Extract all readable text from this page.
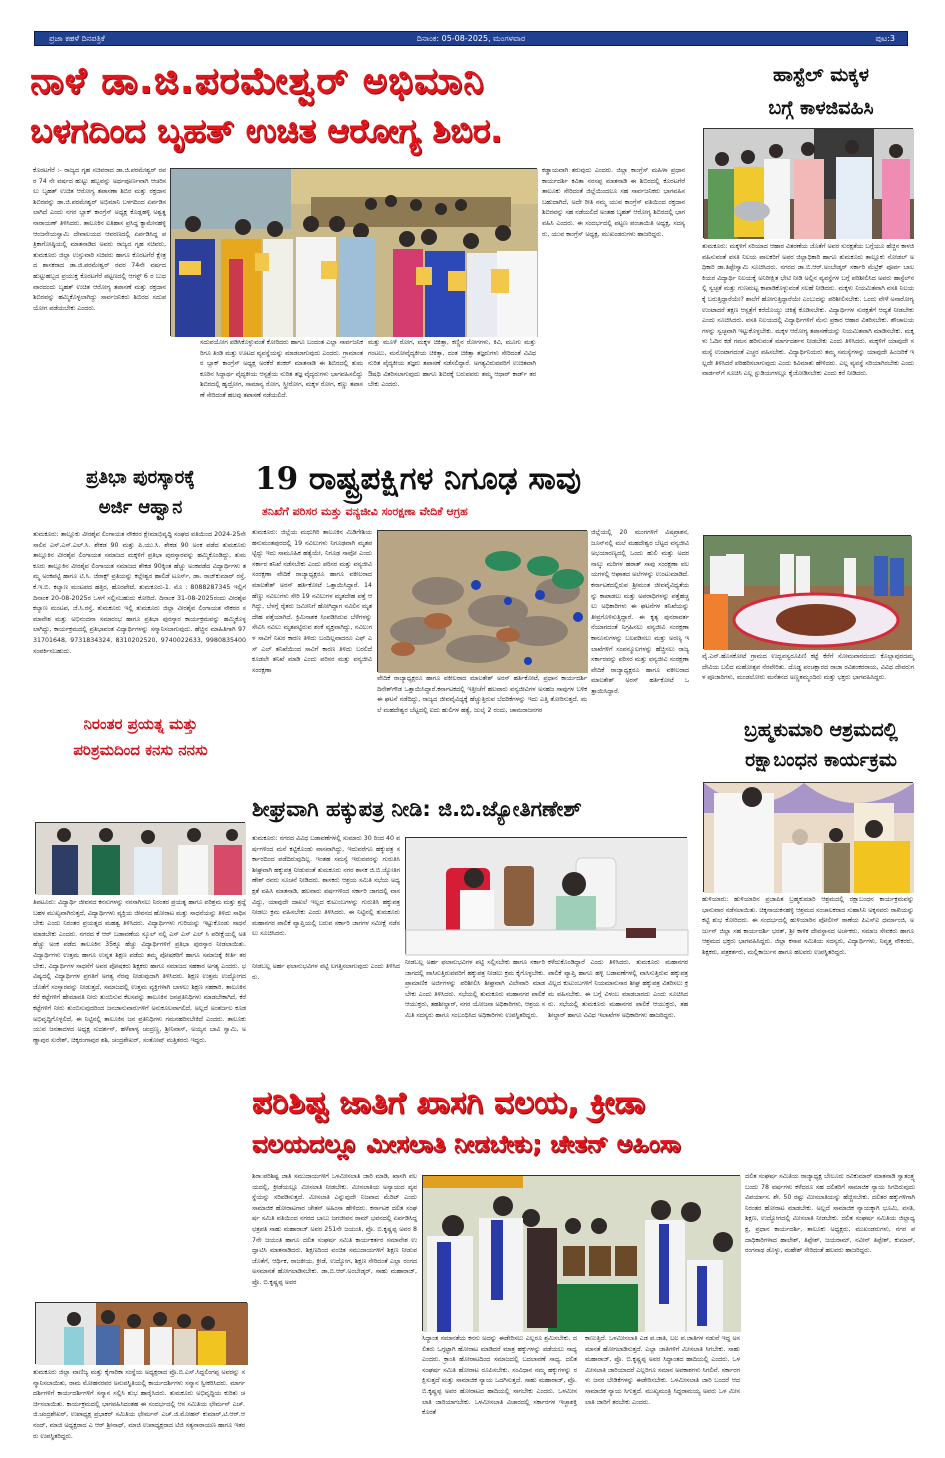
ಪ್ರಜಾ ಕಹಳೆ ದಿನಪತ್ರಿಕೆ	ದಿನಾಂಕ: 05-08-2025, ಮಂಗಳವಾರ	ಪುಟ:3
ನಾಳೆ ಡಾ.ಜಿ.ಪರಮೇಶ್ವರ್ ಅಭಿಮಾನಿ
ಬಳಗದಿಂದ ಬೃಹತ್ ಉಚಿತ ಆರೋಗ್ಯ ಶಿಬಿರ.
ಹಾಸ್ಟೆಲ್ ಮಕ್ಕಳ
ಬಗ್ಗೆ ಕಾಳಜಿವಹಿಸಿ
ಕೊರಟಗೆರೆ :- ರಾಜ್ಯದ ಗೃಹ ಸಚಿವರಾದ ಡಾ.ಜಿ.ಪರಮೇಶ್ವರ್ ರವರ 74 ನೇ ವರ್ಷದ ಹುಟ್ಟು ಹಬ್ಬವನ್ನು ಅರ್ಥಪೂರ್ಣವಾಗಿ ಆಚರಿಸಲು ಬೃಹತ್ ಉಚಿತ ಆರೋಗ್ಯ ತಪಾಸಣಾ ಶಿಬಿರ ಮತ್ತು ರಕ್ತದಾನ ಶಿಬಿರವನ್ನು ಡಾ.ಜಿ.ಪರಮೇಶ್ವರ್ ಅಭಿಮಾನಿ ಬಳಗದಿಂದ ಏರ್ಪಡಿಸಲಾಗಿದೆ ಎಂದು ನಗರ ಬ್ಲಾಕ್ ಕಾಂಗ್ರೆಸ್ ಅಧ್ಯಕ್ಷ ಕೊಡ್ಲಹಳ್ಳಿ ಅಶ್ವತ್ಥನಾರಾಯಣ್ ತಿಳಿಸಿದರು. ತಾಲೂಕಿನ ಐತಿಹಾಸ ಪ್ರಸಿದ್ಧ ಕ್ಯಾಮೇನಹಳ್ಳಿ ಆಂಜನೇಯಸ್ವಾಮಿ ದೇವಾಲಯದ ಆವರಣದಲ್ಲಿ ಏರ್ಪಡಿಸಿದ್ದ ಪತ್ರಿಕಾಗೋಷ್ಠಿಯಲ್ಲಿ ಮಾತನಾಡಿದ ಅವರು ರಾಜ್ಯದ ಗೃಹ ಸಚಿವರು, ತುಮಕೂರು ಜಿಲ್ಲಾ ಉಸ್ತುವಾರಿ ಸಚಿವರು ಹಾಗೂ ಕೊರಟಗೆರೆ ಕ್ಷೇತ್ರದ ಶಾಸಕರಾದ ಡಾ.ಜಿ.ಪರಮೇಶ್ವರ್ ರವರ 74ನೇ ವರ್ಷದ ಹುಟ್ಟುಹಬ್ಬದ ಪ್ರಯುಕ್ತ ಕೊರಟಗೆರೆ ಪಟ್ಟಣದಲ್ಲಿ ಆಗಸ್ಟ್ 6 ರ ಬುಧವಾರದಂದು ಬೃಹತ್ ಉಚಿತ ಆರೋಗ್ಯ ತಪಾಸಣೆ ಮತ್ತು ರಕ್ತದಾನ ಶಿಬಿರವನ್ನು ಹಮ್ಮಿಕೊಳ್ಳಲಾಗಿದ್ದು ಸಾರ್ವಜನಿಕರು ಶಿಬಿರದ ಸದುಪಯೋಗ ಪಡೆಯಬೇಕು ಎಂದರು.
ಸದುಪಯೋಗ ಪಡಿಸಿಕೊಳ್ಳುವಂತೆ ಕೋರಿದರು ಹಾಗೂ ಬಂದಂತ ಎಲ್ಲಾ ಸಾರ್ವಜನಿಕರಿಗೂ ತಿಂಡಿ ಮತ್ತು ಊಟದ ವ್ಯವಸ್ಥೆಯನ್ನು ಮಾಡಲಾಗುವುದು ಎಂದರು. ಗ್ರಾಮಾಂತರ ಬ್ಲಾಕ್ ಕಾಂಗ್ರೆಸ್ ಅಧ್ಯಕ್ಷ ಅರಕೆರೆ ಶಂಕರ್ ಮಾತನಾಡಿ ಈ ಶಿಬಿರದಲ್ಲಿ ತುಮಕೂರಿನ ಸಿದ್ದಾರ್ಥ ವೈದ್ಯಕೀಯ ಆಸ್ಪತ್ರೆಯ ನುರಿತ ತಜ್ಞ ವೈದ್ಯರುಗಳು ಭಾಗವಹಿಸಲಿದ್ದು ಶಿಬಿರದಲ್ಲಿ ಹೃದ್ರೋಗ, ಸಾಮಾನ್ಯ ರೋಗ, ಸ್ತ್ರೀರೋಗ, ಮಕ್ಕಳ ರೋಗ, ಕಣ್ಣು ತಪಾಸಣೆ ಸೇರಿದಂತೆ ಹಲವು ತಪಾಸಣೆ ನಡೆಯಲಿದೆ.
ಮತ್ತು ಮೂಳೆ ರೋಗ, ಮಕ್ಕಳ ಚಿಕಿತ್ಸಾ, ಕಣ್ಣಿನ ರೋಗಗಳು, ಕಿವಿ, ಮೂಗು ಮತ್ತು ಗಂಟಲು, ಮನೋವೈದ್ಯಕೀಯ ಚಿಕಿತ್ಸಾ, ದಂತ ಚಿಕಿತ್ಸಾ ತಜ್ಞರುಗಳು ಸೇರಿದಂತೆ ವಿವಿಧ ನುರಿತ ವೈದ್ಯಕೀಯ ತಜ್ಞರು ತಪಾಸಣೆ ನಡೆಸಲಿದ್ದಾರೆ. ಅಗತ್ಯವಿರುವವರಿಗೆ ಉಚಿತವಾಗಿ ಔಷಧಿ ವಿತರಿಸಲಾಗುವುದು ಹಾಗೂ ಶಿಬಿರಕ್ಕೆ ಬರುವವರು ತಮ್ಮ ಆಧಾರ್ ಕಾರ್ಡ್ ತರಬೇಕು ಎಂದರು.
ಕಡ್ಡಾಯವಾಗಿ ತರುವುದು ಎಂದರು. ಜಿಲ್ಲಾ ಕಾಂಗ್ರೆಸ್ ಮಹಿಳಾ ಪ್ರಧಾನ ಕಾರ್ಯದರ್ಶಿ ಕವಿತಾ ನರಸಪ್ಪ ಮಾತನಾಡಿ ಈ ಶಿಬಿರದಲ್ಲಿ ಕೊರಟಗೆರೆ ತಾಲೂಕು ಸೇರಿದಂತೆ ಜಿಲ್ಲೆಯಿಂದಲೂ ಸಹ ಸಾರ್ವಜನಿಕರು ಭಾಗವಹಿಸ ಬಹುದಾಗಿದೆ, ಅದೇ ರೀತಿ ನಮ್ಮ ಯುವ ಕಾಂಗ್ರೆಸ್ ವತಿಯಿಂದ ರಕ್ತದಾನ ಶಿಬಿರವನ್ನು ಸಹ ನಡೆಯಲಿದೆ ಅಂತಹ ಬೃಹತ್ ಆರೋಗ್ಯ ಶಿಬಿರದಲ್ಲಿ ಭಾಗವಹಿಸಿ ಎಂದರು. ಈ ಸಂದರ್ಭದಲ್ಲಿ ಪಟ್ಟಣ ಪಂಚಾಯಿತಿ ಅಧ್ಯಕ್ಷ, ಸದಸ್ಯರು, ಯುವ ಕಾಂಗ್ರೆಸ್ ಅಧ್ಯಕ್ಷ, ಮುಖಂಡರುಗಳು ಹಾಜರಿದ್ದರು.
ತುಮಕೂರು: ಮಕ್ಕಳಿಗೆ ಸರಿಯಾದ ಆಹಾರ ವಿತರಣೆಯ ಜೊತೆಗೆ ಅವರ ಸುರಕ್ಷತೆಯ ಬಗ್ಗೆಯೂ ಹೆಚ್ಚಿನ ಕಾಳಜಿ ವಹಿಸುವಂತೆ ವಸತಿ ನಿಲಯ ಪಾಲಕರಿಗೆ ಅಪರ ಜಿಲ್ಲಾಧಿಕಾರಿ ಹಾಗೂ ತುಮಕೂರು ತಾಲ್ಲೂಕು ನೋಡಲ್ ಅಧಿಕಾರಿ ಡಾ.ತಿಪ್ಪೇಸ್ವಾಮಿ ಸೂಚಿಸಿದರು. ನಗರದ ಡಾ.ಬಿ.ಆರ್.ಅಂಬೇಡ್ಕರ್ ಸರ್ಕಾರಿ ಮೆಟ್ರಿಕ್ ಪೂರ್ವ ಬಾಲಕಿಯರ ವಿದ್ಯಾರ್ಥಿ ನಿಲಯಕ್ಕೆ ಅನಿರೀಕ್ಷಿತ ಭೇಟಿ ನೀಡಿ ಅಲ್ಲಿನ ವ್ಯವಸ್ಥೆಗಳ ಬಗ್ಗೆ ಪರಿಶೀಲಿಸಿದ ಅವರು ಹಾಸ್ಟೆಲ್‌ನಲ್ಲಿ ಸ್ವಚ್ಛತೆ ಮತ್ತು ಗುಣಮಟ್ಟ ಕಾಪಾಡಿಕೊಳ್ಳುವಂತೆ ಸಲಹೆ ನೀಡಿದರು. ಮಕ್ಕಳು ನಿಯಮಿತವಾಗಿ ವಸತಿ ನಿಲಯಕ್ಕೆ ಬರುತ್ತಿದ್ದಾರೆಯೇ? ಶಾಲೆಗೆ ಹೋಗುತ್ತಿದ್ದಾರೆಯೇ ಎಂಬುದನ್ನು ಪರಿಶೀಲಿಸಬೇಕು. ಒಂದು ವೇಳೆ ಅನಾರೋಗ್ಯ ಉಂಟಾದರೆ ತಕ್ಷಣ ಆಸ್ಪತ್ರೆಗೆ ಕರೆದೊಯ್ದು ಚಿಕಿತ್ಸೆ ಕೊಡಿಸಬೇಕು. ವಿದ್ಯಾರ್ಥಿಗಳ ಸುರಕ್ಷತೆಗೆ ಆದ್ಯತೆ ನೀಡಬೇಕು ಎಂದು ಸೂಚಿಸಿದರು. ವಸತಿ ನಿಲಯದಲ್ಲಿ ವಿದ್ಯಾರ್ಥಿಗಳಿಗೆ ಮೆನು ಪ್ರಕಾರ ಆಹಾರ ವಿತರಿಸಬೇಕು. ಶೌಚಾಲಯಗಳನ್ನು ಸ್ವಚ್ಛವಾಗಿ ಇಟ್ಟುಕೊಳ್ಳಬೇಕು. ಮಕ್ಕಳ ಆರೋಗ್ಯ ತಪಾಸಣೆಯನ್ನು ನಿಯಮಿತವಾಗಿ ಮಾಡಿಸಬೇಕು. ಮಕ್ಕಳು ಓದಿನ ಕಡೆ ಗಮನ ಹರಿಸುವಂತೆ ಮಾರ್ಗದರ್ಶನ ನೀಡಬೇಕು ಎಂದು ತಿಳಿಸಿದರು. ಮಕ್ಕಳಿಗೆ ಯಾವುದೇ ಸಮಸ್ಯೆ ಉಂಟಾಗದಂತೆ ಎಚ್ಚರ ವಹಿಸಬೇಕು. ವಿದ್ಯಾರ್ಥಿನಿಯರು ತಮ್ಮ ಸಮಸ್ಯೆಗಳನ್ನು ಯಾವುದೇ ಹಿಂಜರಿಕೆ ಇಲ್ಲದೇ ತಿಳಿಸಿದರೆ ಪರಿಹರಿಸಲಾಗುವುದು ಎಂದು ಕಿವಿಮಾತು ಹೇಳಿದರು. ಎಲ್ಲ ವ್ಯವಸ್ಥೆ ಸರಿಯಾಗಿರಬೇಕು ಎಂದು ವಾರ್ಡನ್‌ಗೆ ಸೂಚಿಸಿ ಎಲ್ಲ ಸ್ಟುಡಿಯಗಳಲ್ಲೂ ಕೈಜೋಡಿಸಬೇಕು ಎಂದು ಕರೆ ನೀಡಿದರು.
ವೈ.ಎನ್.ಹೊಸಕೋಟೆ ಗ್ರಾಮದ ಉದ್ಭವಸ್ವರೂಪಿಣಿ ಕಟ್ಟೆ ಕೆರೆಗೆ ಸೋಮವಾರದಂದು ಕೊಲ್ಲಾಪುರದಮ್ಮ ದೇವಿಯ ಬಲಿದ ಮಹೋತ್ಸವ ನೆರವೇರಿತು. ದೊಡ್ಡ ಪಂಚಕ್ಷಾರದ ರಾಜಾ ರವಿಶಂಕರರಾಯ, ವಿವಿಧ ದೇವರುಗಳ ಪೂಜಾರಿಗಳು, ಮಂಡಲೋರು ಮನೆತನದ ಅಣ್ಣತಮ್ಮಂದಿರು ಮತ್ತು ಭಕ್ತರು ಭಾಗವಹಿಸಿದ್ದರು.
ಬ್ರಹ್ಮಕುಮಾರಿ ಆಶ್ರಮದಲ್ಲಿ
ರಕ್ಷಾಬಂಧನ ಕಾರ್ಯಕ್ರಮ
ಹುಳಿಯಾರು: ಹುಳಿಯಾರಿನ ಪ್ರಜಾಪಿತ ಬ್ರಹ್ಮಕುಮಾರಿ ಆಶ್ರಮದಲ್ಲಿ ರಕ್ಷಾಬಂಧನ ಕಾರ್ಯಕ್ರಮವನ್ನು ಭಾನುವಾರ ನಡೆಸಲಾಯಿತು. ಚಿಕ್ಕನಾಯಕನಹಳ್ಳಿ ಆಶ್ರಮದ ಸಂಚಾಲಕರಾದ ಸುಹಾಸಿನಿ ಅಕ್ಕನವರು ರಾಖಿಯನ್ನು ಕಟ್ಟಿ ಶುಭ ಕೋರಿದರು. ಈ ಸಂದರ್ಭದಲ್ಲಿ ಹುಳಿಯಾರಿನ ಪೋಲೀಸ್ ಠಾಣೆಯ ಪಿಎಸ್‌ಐ ಧರ್ಮಾಂಜಿ, ಅರ್ಜುನ್ ಜಿಲ್ಲಾ ಸಹ ಕಾರ್ಯದರ್ಶಿ ಭರತ್, ಶ್ರೀ ಕಾಳಿಕ ದೇವಸ್ಥಾನದ ಅರ್ಚಕರು, ಸಮಾಜ ಸೇವಕರು ಹಾಗೂ ಆಶ್ರಮದ ಭಕ್ತರು ಭಾಗವಹಿಸಿದ್ದರು. ಜಿಲ್ಲಾ ಕಸಾಪ ಸಮಿತಿಯ ಸದಸ್ಯರು, ವಿದ್ಯಾರ್ಥಿಗಳು, ನಿವೃತ್ತ ನೌಕರರು, ಶಿಕ್ಷಕರು, ಪತ್ರಕರ್ತರು, ಮಲ್ಲಿಕಾರ್ಜುನ ಹಾಗೂ ಹಲವರು ಉಪಸ್ಥಿತರಿದ್ದರು.
ಪ್ರತಿಭಾ ಪುರಸ್ಕಾರಕ್ಕೆ
ಅರ್ಜಿ ಆಹ್ವಾನ
ತುಮಕೂರು: ತಾಲ್ಲೂಕು ವೀರಶೈವ ಲಿಂಗಾಯತ ನೌಕರರ ಕ್ಷೇಮಾಭಿವೃದ್ಧಿ ಸಂಘದ ವತಿಯಿಂದ 2024-25ನೇ ಸಾಲಿನ ಎಸ್.ಎಸ್.ಎಲ್.ಸಿ. ಶೇಕಡ 90 ಮತ್ತು ಪಿ.ಯು.ಸಿ. ಶೇಕಡ 90 ಅಂಕ ಪಡೆದ ತುಮಕೂರು ತಾಲ್ಲೂಕಿನ ವೀರಶೈವ ಲಿಂಗಾಯತ ಸಮಾಜದ ಮಕ್ಕಳಿಗೆ ಪ್ರತಿಭಾ ಪುರಸ್ಕಾರವನ್ನು ಹಮ್ಮಿಕೊಂಡಿದ್ದು, ತುಮಕೂರು ತಾಲ್ಲೂಕಿನ ವೀರಶೈವ ಲಿಂಗಾಯತ ಸಮಾಜದ ಶೇಕಡ 90ಕ್ಕಿಂತ ಹೆಚ್ಚು ಅಂಕಪಡೆದ ವಿದ್ಯಾರ್ಥಿಗಳು ತಮ್ಮ ಅಂಕಪಟ್ಟಿ ಹಾಗೂ ಟಿ.ಸಿ. ಜೆರಾಕ್ಸ್ ಪ್ರತಿಯನ್ನು ಕಲ್ಲೇಶ್ವರ ಹಾಲಿಡೆ ಟೂರ್ಸ್, ಡಾ. ರಾಜ್‌ಕುಮಾರ್ ರಸ್ತೆ, ಕೆ.ಇ.ಬಿ. ಕಲ್ಯಾಣ ಮಂಟಪದ ಹತ್ತಿರ, ಹೊರಪೇಟೆ, ತುಮಕೂರು-1. ಮೊ : 8088287345 ಇಲ್ಲಿಗೆ ದಿನಾಂಕ 20-08-2025ರ ಒಳಗೆ ಸಲ್ಲಿಸಬಹುದು ಕೋರಿದೆ. ದಿನಾಂಕ 31-08-2025ರಂದು ವೀರಶೈವ ಕಲ್ಯಾಣ ಮಂಟಪ, ಜೆ.ಸಿ.ರಸ್ತೆ, ತುಮಕೂರು ಇಲ್ಲಿ ತುಮಕೂರು ಜಿಲ್ಲಾ ವೀರಶೈವ ಲಿಂಗಾಯತ ನೌಕರರ ಸಮಾವೇಶ ಮತ್ತು ಅಭಿನಂದನಾ ಸಮಾರಂಭ ಹಾಗೂ ಪ್ರತಿಭಾ ಪುರಸ್ಕಾರ ಕಾರ್ಯಕ್ರಮವನ್ನು ಹಮ್ಮಿಕೊಳ್ಳಲಾಗಿದ್ದು, ಕಾರ್ಯಕ್ರಮದಲ್ಲಿ ಪ್ರತಿಭಾವಂತ ವಿದ್ಯಾರ್ಥಿಗಳನ್ನು ಸನ್ಮಾನಿಸಲಾಗುವುದು. ಹೆಚ್ಚಿನ ಮಾಹಿತಿಗಾಗಿ 9731701648, 9731834324, 8310202520, 9740022633, 9980835400 ಸಂಪರ್ಕಿಸಬಹುದು.
19 ರಾಷ್ಟ್ರಪಕ್ಷಿಗಳ ನಿಗೂಢ ಸಾವು
ತನಿಖೆಗೆ ಪರಿಸರ ಮತ್ತು ವನ್ಯಜೀವಿ ಸಂರಕ್ಷಣಾ ವೇದಿಕೆ ಆಗ್ರಹ
ತುಮಕೂರು: ಜಿಲ್ಲೆಯ ಮಧುಗಿರಿ ತಾಲೂಕಿನ ಮಿಡಿಗೇಶಿಯ ಹನುಮಂತಪುರದಲ್ಲಿ 19 ನವಿಲುಗಳು ನಿಗೂಢವಾಗಿ ಮೃತಪಟ್ಟಿದ್ದು ಇದು ಸಾಮೂಹಿಕ ಹತ್ಯೆಯೇ, ನಿಗೂಢ ಸಾವೋ ಎಂದು ಸರ್ಕಾರ ತನಿಖೆ ನಡೆಸಬೇಕು ಎಂದು ಪರಿಸರ ಮತ್ತು ವನ್ಯಜೀವಿ ಸಂರಕ್ಷಣಾ ವೇದಿಕೆ ರಾಜ್ಯಾಧ್ಯಕ್ಷರೂ ಹಾಗೂ ವಕೀಲರಾದ ಮಾಲತೇಶ್ ಅರಸ್ ಹರ್ತಿಕೋಟೆ ಒತ್ತಾಯಿಸಿದ್ದಾರೆ. 14 ಹೆಣ್ಣು ನವಿಲುಗಳು ಸೇರಿ 19 ನವಿಲುಗಳ ಮೃತದೇಹ ಪತ್ತೆ ಆಗಿದ್ದು, ಬೆಳಗ್ಗೆ ರೈತರು ಜಮೀನಿಗೆ ಹೋಗಿದ್ದಾಗ ನವಿಲಿನ ಮೃತದೇಹ ಪತ್ತೆಯಾಗಿದೆ. ಕ್ರಿಮಿನಾಶಕ ಸಿಂಪಡಿಸಿರುವ ಬೆಳೆಗಳನ್ನು ಸೇವಿಸಿ ನವಿಲು ಮೃತಪಟ್ಟಿರುವ ಶಂಕೆ ವ್ಯಕ್ತವಾಗಿದ್ದು, ನವಿಲುಗಳ ಸಾವಿಗೆ ನಿಖರ ಕಾರಣ ತಿಳಿದು ಬಂದಿಲ್ಲವಾದರೂ ಎಫ್ ಎಸ್ ಎಲ್ ತನಿಖೆಯಿಂದ ಸಾವಿಗೆ ಕಾರಣ ತಿಳಿದು ಬರಲಿದೆ ಕೂಡಲೇ ತನಿಖೆ ಮಾಡಿ ಎಂದು ಪರಿಸರ ಮತ್ತು ವನ್ಯಜೀವಿ ಸಂರಕ್ಷಣಾ
ವೇದಿಕೆ ರಾಜ್ಯಾಧ್ಯಕ್ಷರೂ ಹಾಗೂ ವಕೀಲರಾದ ಮಾಲತೇಶ್ ಅರಸ್ ಹರ್ತಿಕೋಟೆ, ಪ್ರಧಾನ ಕಾರ್ಯದರ್ಶಿ ದಿನೇಶ್‌ಗೌಡ ಒತ್ತಾಯಿಸಿದ್ದಾರೆ.ಕರ್ನಾಟಕದಲ್ಲಿ ಇತ್ತೀಚೆಗೆ ಹಲವಾರು ವನ್ಯಜೀವಿಗಳ ಅಸಹಜ ಸಾವುಗಳ ಬಳಿಕ ಈ ಘಟನೆ ನಡೆದಿದ್ದು, ರಾಜ್ಯದ ಜೀವವೈವಿಧ್ಯಕ್ಕೆ ಹೆಚ್ಚುತ್ತಿರುವ ಬೆದರಿಕೆಗಳನ್ನು ಇದು ಎತ್ತಿ ತೋರಿಸುತ್ತದೆ. ಮಲೆ ಮಹದೇಶ್ವರ ಬೆಟ್ಟದಲ್ಲಿ ಐದು ಹುಲಿಗಳ ಹತ್ಯೆ, ಜುಲೈ 2 ರಂದು, ಚಾಮರಾಜನಗರ
ಜಿಲ್ಲೆಯಲ್ಲಿ 20 ಮಂಗಗಳಿಗೆ ವಿಷಪ್ರಾಶನ, ಜೂನ್‌ನಲ್ಲಿ ಮಲೆ ಮಹದೇಶ್ವರ ಬೆಟ್ಟದ ವನ್ಯಜೀವಿ ಅಭಯಾರಣ್ಯದಲ್ಲಿ ಒಂದು ಹುಲಿ ಮತ್ತು ಅದರ ನಾಲ್ಕು ಮರಿಗಳ ಹಠಾತ್ ಸಾವು ಸಂರಕ್ಷಣಾ ವಲಯಗಳಲ್ಲಿ ಆಘಾತದ ಅಲೆಗಳನ್ನು ಉಂಟುಮಾಡಿದೆ. ಕರ್ನಾಟಕದಲ್ಲಿರುವ ಶ್ರೀಮಂತ ಜೀವವೈವಿಧ್ಯತೆಯನ್ನು ಕಾಪಾಡಲು ಮತ್ತು ಅಪರಾಧಿಗಳನ್ನು ಪತ್ತೆಹಚ್ಚಲು ಅಧಿಕಾರಿಗಳು ಈ ಘಟನೆಗಳ ತನಿಖೆಯನ್ನು ತೀವ್ರಗೊಳಿಸುತ್ತಿದ್ದಾರೆ. ಈ ಕೃತ್ಯ ಪುನರಾವರ್ತನೆಯಾಗದಂತೆ ನಿಗ್ರಹಿಸಲು ವನ್ಯಜೀವಿ ಸಂರಕ್ಷಣಾ ಕಾನೂನುಗಳನ್ನು ಬಲಪಡಿಸಲು ಮತ್ತು ಅರಣ್ಯ ಇಲಾಖೆಗಳಿಗೆ ಸಂಪನ್ಮೂಲಗಳನ್ನು ಹೆಚ್ಚಿಸಲು ರಾಜ್ಯ ಸರ್ಕಾರವನ್ನು ಪರಿಸರ ಮತ್ತು ವನ್ಯಜೀವಿ ಸಂರಕ್ಷಣಾ ವೇದಿಕೆ ರಾಜ್ಯಾಧ್ಯಕ್ಷರೂ ಹಾಗೂ ವಕೀಲರಾದ ಮಾಲತೇಶ್ ಅರಸ್ ಹರ್ತಿಕೋಟೆ ಒತ್ತಾಯಿಸಿದ್ದಾರೆ.
ನಿರಂತರ ಪ್ರಯತ್ನ ಮತ್ತು
ಪರಿಶ್ರಮದಿಂದ ಕನಸು ನನಸು
ತಿಪಟೂರು: ವಿದ್ಯಾರ್ಥಿ ಜೀವನದ ಕನಸುಗಳನ್ನು ನನಸಾಗಿಸಲು ನಿರಂತರ ಪ್ರಯತ್ನ ಹಾಗೂ ಪರಿಶ್ರಮ ಮತ್ತು ಶ್ರದ್ಧೆ ಬಹಳ ಮುಖ್ಯವಾಗಿರುತ್ತದೆ, ವಿದ್ಯಾರ್ಥಿಗಳು ವ್ಯಕ್ತಿಯ ಜೀವನದ ಹೋರಾಟ ಮತ್ತು ಸಾಧನೆಯನ್ನು ತಿಳಿದು ಸಾಧಿಸಬೇಕು ಎಂದು ನಿರಂತರ ಪ್ರಯತ್ನದ ಮಹತ್ವ ತಿಳಿಸಿದರು. ವಿದ್ಯಾರ್ಥಿಗಳು ಗುರಿಯನ್ನು ಇಟ್ಟುಕೊಂಡು ಸಾಧನೆ ಮಾಡಬೇಕು ಎಂದರು. ನಗರದ ಕೆ ಆರ್ ಬಡಾವಣೆಯ ಸ್ಕೂಲ್ ನಲ್ಲಿ ಎಸ್ ಎಸ್ ಎಲ್ ಸಿ ಪರೀಕ್ಷೆಯಲ್ಲಿ ಅತಿ ಹೆಚ್ಚು ಅಂಕ ಪಡೆದ ತಾಲೂಕಿನ 35ಕ್ಕೂ ಹೆಚ್ಚು ವಿದ್ಯಾರ್ಥಿಗಳಿಗೆ ಪ್ರತಿಭಾ ಪುರಸ್ಕಾರ ನೀಡಲಾಯಿತು. ವಿದ್ಯಾರ್ಥಿಗಳು ಉತ್ತಮ ಹಾಗೂ ಉನ್ನತ ಶಿಕ್ಷಣ ಪಡೆದು ತಮ್ಮ ಪೋಷಕರಿಗೆ ಹಾಗೂ ಸಮಾಜಕ್ಕೆ ಕೀರ್ತಿ ತರಬೇಕು, ವಿದ್ಯಾರ್ಥಿಗಳ ಸಾಧನೆಗೆ ಅವರ ಪೋಷಕರು ಶಿಕ್ಷಕರು ಹಾಗೂ ಸಮಾಜದ ಸಹಕಾರ ಅಗತ್ಯ ಎಂದರು. ಭವಿಷ್ಯದಲ್ಲಿ ವಿದ್ಯಾರ್ಥಿಗಳ ಪ್ರಗತಿಗೆ ಅಗತ್ಯ ನೆರವು ನೀಡುವುದಾಗಿ ತಿಳಿಸಿದರು. ಶಿಕ್ಷಣ ಉತ್ತಮ ಉದ್ಯೋಗದ ಜೊತೆಗೆ ಸಂಸ್ಕಾರವನ್ನು ನೀಡುತ್ತದೆ, ಸಮಾಜದಲ್ಲಿ ಉತ್ತಮ ವ್ಯಕ್ತಿಗಳಾಗಿ ಬಾಳಲು ಶಿಕ್ಷಣ ಸಹಕಾರಿ. ತಾಲೂಕಿನ ಕೆರೆ ಕಟ್ಟೆಗಳಿಗೆ ಹೇಮಾವತಿ ನೀರು ತುಂಬಿಸುವ ಕೆಲಸವನ್ನು ತಾಲೂಕಿನ ಜನಪ್ರತಿನಿಧಿಗಳು ಮಾಡಬೇಕಾಗಿದೆ, ಕೆರೆ ಕಟ್ಟೆಗಳಿಗೆ ನೀರು ತುಂಬಿಸುವುದರಿಂದ ಜನಜಾನುವಾರುಗಳಿಗೆ ಅನುಕೂಲವಾಗಲಿದೆ, ಅಲ್ಲದೆ ಅಂತರ್ಜಲ ಕೂಡ ಅಭಿವೃದ್ಧಿಗೊಳ್ಳಲಿದೆ, ಈ ನಿಟ್ಟಿನಲ್ಲಿ ತಾಲೂಕಿನ ಜನ ಪ್ರತಿನಿಧಿಗಳು ಗಮನಹರಿಸಬೇಕಿದೆ ಎಂದರು. ತಾಲೂಕು ಯುವ ಜನತಾದಳದ ಅಧ್ಯಕ್ಷ ಸುದರ್ಶನ್, ಹಳೆಪಾಳ್ಯ ಚಂದ್ರಣ್ಣ, ಶ್ರೀನಿವಾಸ್, ಅಯ್ಯನ ಬಾವಿ ಸ್ವಾಮಿ, ಅಣ್ಣಾಪುರ ಸುರೇಶ್, ಚಿಕ್ಕರಂಗಾಪುರ ಶಶಿ, ಚಂದ್ರಶೇಖರ್, ಸಂತೋಷ್ ಮತ್ತಿತರರು ಇದ್ದರು.
ತುಮಕೂರು ಜಿಲ್ಲಾ ವಾಣಿಜ್ಯ ಮತ್ತು ಕೈಗಾರಿಕಾ ಸಂಸ್ಥೆಯ ಅಧ್ಯಕ್ಷರಾದ ಪ್ರೊ.ಬಿ.ಎಸ್.ಸಿದ್ದಲಿಂಗಪ್ಪ ಅವರನ್ನು ಸನ್ಮಾನಿಸಲಾಯಿತು, ರಾಮ ಮೋಹನರವರ ಅನುಪಸ್ಥಿತಿಯಲ್ಲಿ ಕಾರ್ಯದರ್ಶಿಗಳು ಸನ್ಮಾನ ಸ್ವೀಕರಿಸಿದರು. ಮಾರ್ಗದರ್ಶಿಗಳಿಗೆ ಕಾರ್ಯದರ್ಶಿಗಳಿಗೆ ಸನ್ಮಾನ ಸಲ್ಲಿಸಿ ಶುಭ ಹಾರೈಸಿದರು. ತುಮಕೂರು ಅಭಿವೃದ್ಧಿಯ ಕುರಿತು ಚರ್ಚಿಸಲಾಯಿತು. ಕಾರ್ಯಕ್ರಮದಲ್ಲಿ ಭಾಗವಹಿಸಿದಂತಹ ಈ ಸಂದರ್ಭದಲ್ಲಿ ಆಸ ಸಮಿತಿಯ ಛೇರ್ಮನ್ ಎಚ್.ಜಿ.ಚಂದ್ರಶೇಖರ್, ಉಪಾಧ್ಯಕ್ಷ ಪ್ರಭಾಕರ್ ಸಮಿತಿಯ ಛೇರ್ಮನ್ ಎಚ್.ಜಿ.ಮೋಹನ್ ಕುಮಾರ್,ಟಿ.ಆರ್.ಆನಂದ್, ಮಾಜಿ ಅಧ್ಯಕ್ಷರಾದ ಎ ಆರ್ ಶ್ರೀನಾಥ್, ಮಾಜಿ ಉಪಾಧ್ಯಕ್ಷರಾದ ಟಿಜಿ ಸತ್ಯನಾರಾಯಣ ಹಾಗೂ ಇತರರು ಉಪಸ್ಥಿತರಿದ್ದರು.
ಶೀಘ್ರವಾಗಿ ಹಕ್ಕುಪತ್ರ ನೀಡಿ: ಜಿ.ಬಿ.ಜ್ಯೋತಿಗಣೇಶ್
ತುಮಕೂರು: ನಗರದ ವಿವಿಧ ಬಡಾವಣೆಗಳಲ್ಲಿ ಸುಮಾರು 30 ರಿಂದ 40 ವರ್ಷಗಳಿಂದ ಮನೆ ಕಟ್ಟಿಕೊಂಡು ವಾಸವಾಗಿದ್ದು, ಇದುವರೆಗೂ ಹಕ್ಕುಪತ್ರ ಸರ್ಕಾರದಿಂದ ಪಡೆದಿರುವುದಿಲ್ಲ. ಇಂತಹ ಸಮಸ್ಯೆ ಇರುವವರನ್ನು ಗುರುತಿಸಿ ಶೀಘ್ರವಾಗಿ ಹಕ್ಕುಪತ್ರ ನೀಡುವಂತೆ ತುಮಕೂರು ನಗರ ಶಾಸಕ ಜಿ.ಬಿ.ಜ್ಯೋತಿಗಣೇಶ್ ರವರು ಸೂಚನೆ ನೀಡಿದರು. ಶಾಸಕರು ಆಶ್ರಯ ಸಮಿತಿ ಸಭೆಯ ಅಧ್ಯಕ್ಷತೆ ವಹಿಸಿ ಮಾತನಾಡಿ, ಹಲವಾರು ವರ್ಷಗಳಿಂದ ಸರ್ಕಾರಿ ಜಾಗದಲ್ಲಿ ವಾಸವಿದ್ದು, ಯಾವುದೇ ದಾಖಲೆ ಇಲ್ಲದ ಕುಟುಂಬಗಳನ್ನು ಗುರುತಿಸಿ ಹಕ್ಕುಪತ್ರ ನೀಡಲು ಕ್ರಮ ವಹಿಸಬೇಕು ಎಂದು ತಿಳಿಸಿದರು. ಈ ನಿಟ್ಟಿನಲ್ಲಿ ತುಮಕೂರು ಮಹಾನಗರ ಪಾಲಿಕೆ ವ್ಯಾಪ್ತಿಯಲ್ಲಿ ಬರುವ ಸರ್ಕಾರಿ ಜಾಗಗಳ ಸಮೀಕ್ಷೆ ನಡೆಸಲು ಸೂಚಿಸಿದರು.
ನೀಡಬಲ್ಲ ಅರ್ಹ ಫಲಾನುಭವಿಗಳ ಪಟ್ಟಿ ಸಲ್ಲಿಸಬೇಕು ಹಾಗೂ ಸರ್ಕಾರಿ ಜಾಗದಲ್ಲಿ ವಾಸಿಸುತ್ತಿರುವವರಿಗೆ ಹಕ್ಕುಪತ್ರ ನೀಡಲು ಕ್ರಮ ಕೈಗೊಳ್ಳಬೇಕು. ಪ್ರಾಮಾಣಿಕ ಅರ್ಜಿಗಳನ್ನು ಪರಿಶೀಲಿಸಿ ಶೀಘ್ರವಾಗಿ ವಿಲೇವಾರಿ ಮಾಡಬೇಕು ಎಂದು ತಿಳಿಸಿದರು. ಸಭೆಯಲ್ಲಿ ತುಮಕೂರು ಮಹಾನಗರ ಪಾಲಿಕೆ ಆಯುಕ್ತರು, ತಹಶೀಲ್ದಾರ್, ನಗರ ಯೋಜನಾ ಅಧಿಕಾರಿಗಳು, ಆಶ್ರಯ ಸಮಿತಿ ಸದಸ್ಯರು ಹಾಗೂ ಸಂಬಂಧಿಸಿದ ಅಧಿಕಾರಿಗಳು ಉಪಸ್ಥಿತರಿದ್ದರು.
ಕಳೆದುಕೊಂಡಿದ್ದಾರೆ ಎಂದು ತಿಳಿಸಿದರು. ತುಮಕೂರು ಮಹಾನಗರ ಪಾಲಿಕೆ ವ್ಯಾಪ್ತಿ ಹಾಗೂ ಹಳ್ಳಿ ಬಡಾವಣೆಗಳಲ್ಲಿ ವಾಸಿಸುತ್ತಿರುವ ಹಕ್ಕುಪತ್ರವಿಲ್ಲದ ಕುಟುಂಬಗಳಿಗೆ ನಿಯಮಾನುಸಾರ ಶೀಘ್ರ ಹಕ್ಕುಪತ್ರ ವಿತರಿಸಲು ಕ್ರಮ ವಹಿಸಬೇಕು. ಈ ಬಗ್ಗೆ ವಿಳಂಬ ಮಾಡಬಾರದು ಎಂದು ಸೂಚಿಸಿದರು. ಸಭೆಯಲ್ಲಿ ತುಮಕೂರು ಮಹಾನಗರ ಪಾಲಿಕೆ ಆಯುಕ್ತರು, ತಹಶೀಲ್ದಾರ್ ಹಾಗೂ ವಿವಿಧ ಇಲಾಖೆಗಳ ಅಧಿಕಾರಿಗಳು ಹಾಜರಿದ್ದರು.
ನೀಡಬಲ್ಲ ಅರ್ಹ ಫಲಾನುಭವಿಗಳ ಪಟ್ಟಿ ಲಗತ್ತಿಸಲಾಗುವುದು ಎಂದು ತಿಳಿಸಿದರು.
ಪರಿಶಿಷ್ಟ ಜಾತಿಗೆ ಖಾಸಗಿ ವಲಯ, ಕ್ರೀಡಾ
ವಲಯದಲ್ಲೂ ಮೀಸಲಾತಿ ನೀಡಬೇಕು; ಚೇತನ್ ಅಹಿಂಸಾ
ಶಿರಾ:ಪರಿಶಿಷ್ಟ ಜಾತಿ ಸಮುದಾಯಗಳಿಗೆ ಒಳಮೀಸಲಾತಿ ಜಾರಿ ಮಾಡಿ, ಖಾಸಗಿ ವಲಯದಲ್ಲಿ, ಕ್ರೀಡೆಯಲ್ಲೂ ಮೀಸಲಾತಿ ನೀಡಬೇಕು. ಮೀಸಲಾತಿಯ ಅನ್ಯಾಯದ ವ್ಯವಸ್ಥೆಯನ್ನು ಸರಿಪಡಿಸುತ್ತದೆ. ಮೀಸಲಾತಿ ಎನ್ನುವುದೇ ನಿಜವಾದ ಮೆರಿಟ್ ಎಂದು ಸಾಮಾಜಿಕ ಹೋರಾಟಗಾರ ಚೇತನ್ ಅಹಿಂಸಾ ಹೇಳಿದರು. ಕರ್ನಾಟಕ ದಲಿತ ಸಂಘರ್ಷ ಸಮಿತಿ ವತಿಯಿಂದ ನಗರದ ಬಾಬು ಜಗಜೀವನ ರಾಮ್ ಭವನದಲ್ಲಿ ಏರ್ಪಡಿಸಿದ್ದ ಛತ್ರಪತಿ ಸಾಹು ಮಹಾರಾಜ್ ಅವರ 251ನೇ ಜಯಂತಿ, ಪ್ರೊ. ಬಿ.ಕೃಷ್ಣಪ್ಪ ಅವರ 87ನೇ ಜಯಂತಿ ಹಾಗೂ ದಲಿತ ಸಂಘರ್ಷ ಸಮಿತಿ ಕಾರ್ಯಕರ್ತರ ಸಮಾವೇಶ ಉದ್ಘಾಟಿಸಿ ಮಾತನಾಡಿದರು. ಶಿಕ್ಷಣದಿಂದ ವಂಚಿತ ಸಮುದಾಯಗಳಿಗೆ ಶಿಕ್ಷಣ ನೀಡುವ ಜೊತೆಗೆ, ಆರ್ಥಿಕ, ರಾಜಕೀಯ, ಕ್ರೀಡೆ, ಉದ್ಯೋಗ, ಶಿಕ್ಷಣ ಸೇರಿದಂತೆ ಎಲ್ಲಾ ರಂಗದ ಅಸಮಾನತೆ ಹೋಗಲಾಡಿಸಬೇಕು. ಡಾ.ಬಿ.ಆರ್.ಅಂಬೇಡ್ಕರ್, ಸಾಹು ಮಹಾರಾಜ್, ಪ್ರೊ. ಬಿ.ಕೃಷ್ಣಪ್ಪ ಅವರ
ಸಿದ್ಧಾಂತ ಸಮಾನತೆಯ ಕನಸು ಅದನ್ನು ಈಡೇರಿಸಲು ಎಲ್ಲರೂ ಶ್ರಮಿಸಬೇಕು. ದಲಿತರು ಒಗ್ಗಟ್ಟಾಗಿ ಹೋರಾಟ ಮಾಡಿದರೆ ಮಾತ್ರ ಹಕ್ಕುಗಳನ್ನು ಪಡೆಯಲು ಸಾಧ್ಯ ಎಂದರು. ಕ್ರಾಂತಿ ಹೋರಾಟದಿಂದ ಸಮಾಜದಲ್ಲಿ ಬದಲಾವಣೆ ಸಾಧ್ಯ. ದಲಿತ ಸಂಘರ್ಷ ಸಮಿತಿ ಹೋರಾಟ ರೂಪಿಸಬೇಕು. ಸಂವಿಧಾನ ನಮ್ಮ ಹಕ್ಕುಗಳನ್ನು ರಕ್ಷಿಸುತ್ತದೆ ಮತ್ತು ಸಾಮಾಜಿಕ ನ್ಯಾಯ ಒದಗಿಸುತ್ತದೆ. ಸಾಹು ಮಹಾರಾಜ್, ಪ್ರೊ. ಬಿ.ಕೃಷ್ಣಪ್ಪ ಅವರ ಹೋರಾಟದ ಹಾದಿಯಲ್ಲಿ ಸಾಗಬೇಕು ಎಂದರು. ಒಳಮೀಸಲಾತಿ ಜಾರಿಯಾಗಬೇಕು. ಒಳಮೀಸಲಾತಿ ವಿಚಾರದಲ್ಲಿ ಸರ್ಕಾರಗಳ ಇಚ್ಛಾಶಕ್ತಿ ಕೊರತೆ
ಕಾಣುತ್ತಿದೆ. ಒಳಮೀಸಲಾತಿ ಎಡ ಪ.ಜಾತಿ, ಬಲ ಪ.ಜಾತಿಗಳ ನಡುವೆ ಇದ್ದ ಅಸಮಾನತೆ ಹೋಗಲಾಡಿಸುತ್ತದೆ. ಎಲ್ಲಾ ಜಾತಿಗಳಿಗೆ ಮೀಸಲಾತಿ ಸಿಗಬೇಕು. ಸಾಹು ಮಹಾರಾಜ್, ಪ್ರೊ. ಬಿ.ಕೃಷ್ಣಪ್ಪ ಅವರ ಸಿದ್ಧಾಂತದ ಹಾದಿಯಲ್ಲಿ ಎಂದರು. ಒಳಮೀಸಲಾತಿ ಜಾರಿಯಾದರೆ ಎಲ್ಲರಿಗೂ ಸಮಾನ ಅವಕಾಶಗಳು ಸಿಗಲಿವೆ. ಸರ್ಕಾರಗಳು ಜನರ ಬೇಡಿಕೆಗಳನ್ನು ಈಡೇರಿಸಬೇಕು. ಒಳಮೀಸಲಾತಿ ಜಾರಿ ಬಂದರೆ ಆದ ಸಾಮಾಜಿಕ ನ್ಯಾಯ ಸಿಗುತ್ತದೆ. ಮುಖ್ಯಮಂತ್ರಿ ಸಿದ್ಧರಾಮಯ್ಯ ಅವರು ಒಳ ಮೀಸಲಾತಿ ಜಾರಿಗೆ ತರಬೇಕು ಎಂದರು.
ದಲಿತ ಸಂಘರ್ಷ ಸಮಿತಿಯ ರಾಜ್ಯಾಧ್ಯಕ್ಷ ಬೇಲೂರು ರವಿಕುಮಾರ್ ಮಾತನಾಡಿ ಸ್ವಾತಂತ್ರ್ಯ ಬಂದು 78 ವರ್ಷಗಳು ಕಳೆದರೂ ಸಹ ದಲಿತರಿಗೆ ಸಾಮಾಜಿಕ ನ್ಯಾಯ ಸಿಗದಿರುವುದು ವಿಪರ್ಯಾಸ. ಶೇ. 50 ರಷ್ಟು ಮೀಸಲಾತಿಯನ್ನು ಹೆಚ್ಚಿಸಬೇಕು. ದಲಿತರ ಹಕ್ಕುಗಳಿಗಾಗಿ ನಿರಂತರ ಹೋರಾಟ ಮಾಡಬೇಕು. ಅಲ್ಲದೆ ಸಾಮಾಜಿಕ ನ್ಯಾಯಕ್ಕಾಗಿ ಭೂಮಿ, ವಸತಿ, ಶಿಕ್ಷಣ, ಉದ್ಯೋಗದಲ್ಲಿ ಮೀಸಲಾತಿ ನೀಡಬೇಕು. ದಲಿತ ಸಂಘರ್ಷ ಸಮಿತಿಯ ಜಿಲ್ಲಾಧ್ಯಕ್ಷ, ಪ್ರಧಾನ ಕಾರ್ಯದರ್ಶಿ, ತಾಲೂಕು ಅಧ್ಯಕ್ಷರು, ಮುಖಂಡರುಗಳು, ನಗರ ಪದಾಧಿಕಾರಿಗಳಾದ ಹಾಲೇಶ್, ತಿಪ್ಪೇಶ್, ಜಯರಾಮ್, ನವೀನ್ ತಿಪ್ಪೇಶ್, ಕುಮಾರ್, ರಂಗನಾಥ ಡೊಳ್ಳು, ಮಹೇಶ್ ಸೇರಿದಂತೆ ಹಲವರು ಹಾಜರಿದ್ದರು.
